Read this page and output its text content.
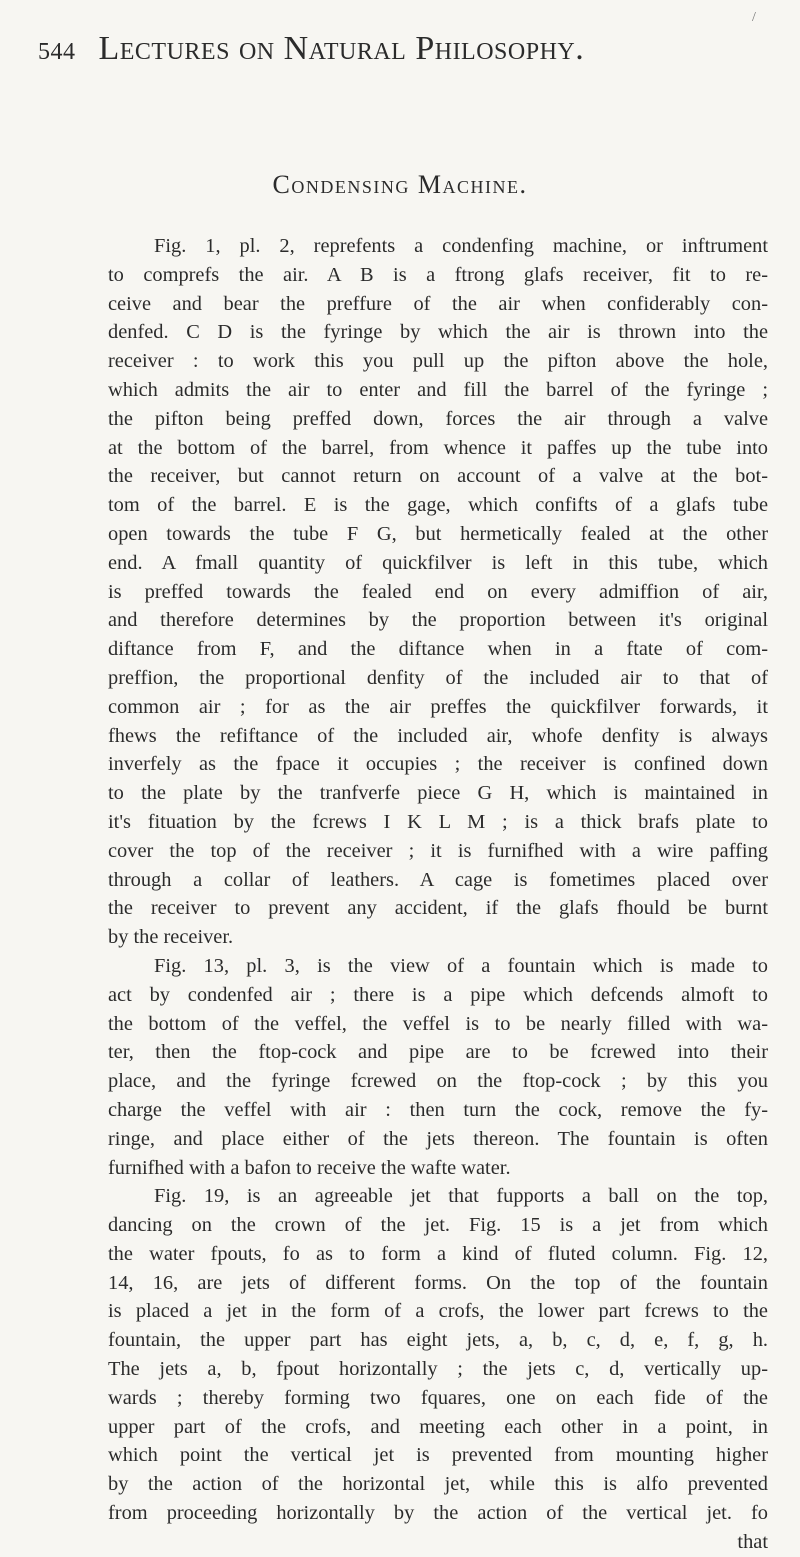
/
544 Lectures on Natural Philosophy.
Condensing Machine.
Fig. 1, pl. 2, reprefents a condenfing machine, or inftrument
to comprefs the air. A B is a ftrong glafs receiver, fit to re-
ceive and bear the preffure of the air when confiderably con-
denfed. C D is the fyringe by which the air is thrown into the
receiver : to work this you pull up the pifton above the hole,
which admits the air to enter and fill the barrel of the fyringe ;
the pifton being preffed down, forces the air through a valve
at the bottom of the barrel, from whence it paffes up the tube into
the receiver, but cannot return on account of a valve at the bot-
tom of the barrel. E is the gage, which confifts of a glafs tube
open towards the tube F G, but hermetically fealed at the other
end. A fmall quantity of quickfilver is left in this tube, which
is preffed towards the fealed end on every admiffion of air,
and therefore determines by the proportion between it's original
diftance from F, and the diftance when in a ftate of com-
preffion, the proportional denfity of the included air to that of
common air ; for as the air preffes the quickfilver forwards, it
fhews the refiftance of the included air, whofe denfity is always
inverfely as the fpace it occupies ; the receiver is confined down
to the plate by the tranfverfe piece G H, which is maintained in
it's fituation by the fcrews I K L M ; is a thick brafs plate to
cover the top of the receiver ; it is furnifhed with a wire paffing
through a collar of leathers. A cage is fometimes placed over
the receiver to prevent any accident, if the glafs fhould be burnt
by the receiver.
Fig. 13, pl. 3, is the view of a fountain which is made to
act by condenfed air ; there is a pipe which defcends almoft to
the bottom of the veffel, the veffel is to be nearly filled with wa-
ter, then the ftop-cock and pipe are to be fcrewed into their
place, and the fyringe fcrewed on the ftop-cock ; by this you
charge the veffel with air : then turn the cock, remove the fy-
ringe, and place either of the jets thereon. The fountain is often
furnifhed with a bafon to receive the wafte water.
Fig. 19, is an agreeable jet that fupports a ball on the top,
dancing on the crown of the jet. Fig. 15 is a jet from which
the water fpouts, fo as to form a kind of fluted column. Fig. 12,
14, 16, are jets of different forms. On the top of the fountain
is placed a jet in the form of a crofs, the lower part fcrews to the
fountain, the upper part has eight jets, a, b, c, d, e, f, g, h.
The jets a, b, fpout horizontally ; the jets c, d, vertically up-
wards ; thereby forming two fquares, one on each fide of the
upper part of the crofs, and meeting each other in a point, in
which point the vertical jet is prevented from mounting higher
by the action of the horizontal jet, while this is alfo prevented
from proceeding horizontally by the action of the vertical jet. fo
that
